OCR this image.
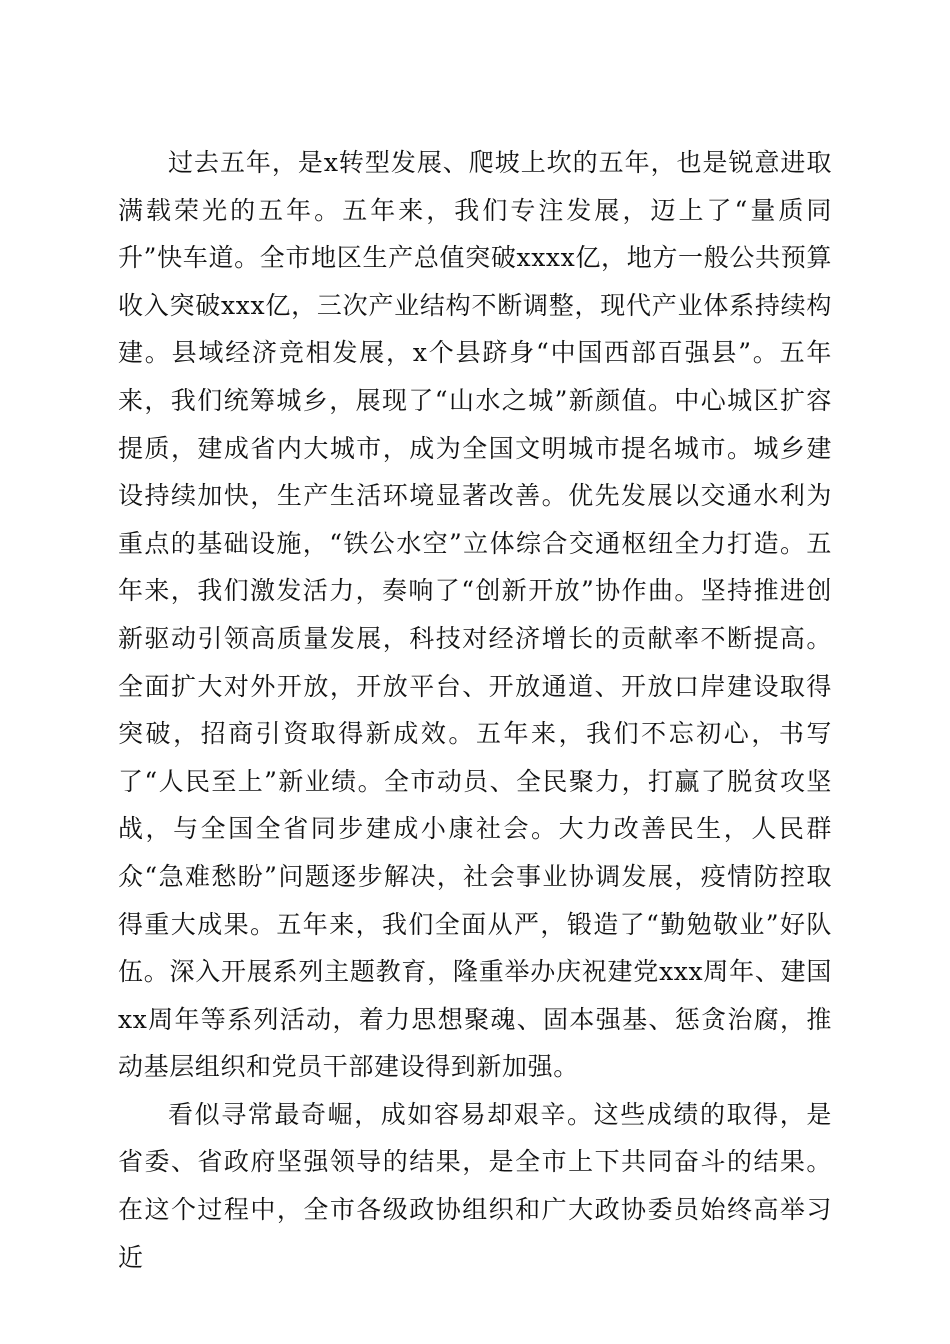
过去五年，是x转型发展、爬坡上坎的五年，也是锐意进取满载荣光的五年。五年来，我们专注发展，迈上了“量质同升”快车道。全市地区生产总值突破xxxx亿，地方一般公共预算收入突破xxx亿，三次产业结构不断调整，现代产业体系持续构建。县域经济竞相发展，x个县跻身“中国西部百强县”。五年来，我们统筹城乡，展现了“山水之城”新颜值。中心城区扩容提质，建成省内大城市，成为全国文明城市提名城市。城乡建设持续加快，生产生活环境显著改善。优先发展以交通水利为重点的基础设施，“铁公水空”立体综合交通枢纽全力打造。五年来，我们激发活力，奏响了“创新开放”协作曲。坚持推进创新驱动引领高质量发展，科技对经济增长的贡献率不断提高。全面扩大对外开放，开放平台、开放通道、开放口岸建设取得突破，招商引资取得新成效。五年来，我们不忘初心，书写了“人民至上”新业绩。全市动员、全民聚力，打赢了脱贫攻坚战，与全国全省同步建成小康社会。大力改善民生，人民群众“急难愁盼”问题逐步解决，社会事业协调发展，疫情防控取得重大成果。五年来，我们全面从严，锻造了“勤勉敬业”好队伍。深入开展系列主题教育，隆重举办庆祝建党xxx周年、建国xx周年等系列活动，着力思想聚魂、固本强基、惩贪治腐，推动基层组织和党员干部建设得到新加强。

看似寻常最奇崛，成如容易却艰辛。这些成绩的取得，是省委、省政府坚强领导的结果，是全市上下共同奋斗的结果。在这个过程中，全市各级政协组织和广大政协委员始终高举习近
